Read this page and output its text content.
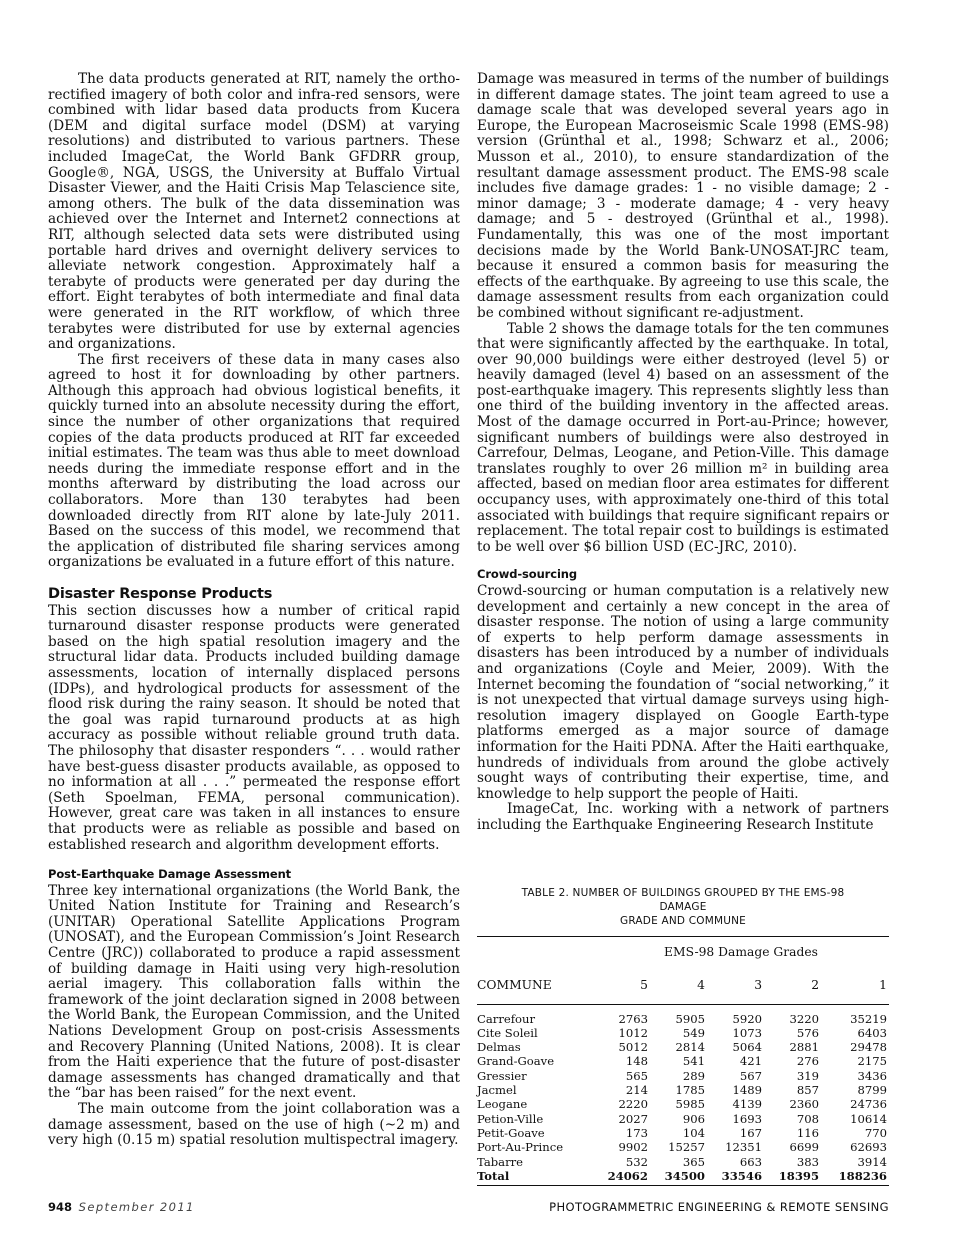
The data products generated at RIT, namely the ortho-rectified imagery of both color and infra-red sensors, were combined with lidar based data products from Kucera (DEM and digital surface model (DSM) at varying resolutions) and distributed to various partners. These included ImageCat, the World Bank GFDRR group, Google®, NGA, USGS, the University at Buffalo Virtual Disaster Viewer, and the Haiti Crisis Map Telascience site, among others. The bulk of the data dissemination was achieved over the Internet and Internet2 connections at RIT, although selected data sets were distributed using portable hard drives and overnight delivery services to alleviate network congestion. Approximately half a terabyte of products were generated per day during the effort. Eight terabytes of both intermediate and final data were generated in the RIT workflow, of which three terabytes were distributed for use by external agencies and organizations.

The first receivers of these data in many cases also agreed to host it for downloading by other partners. Although this approach had obvious logistical benefits, it quickly turned into an absolute necessity during the effort, since the number of other organizations that required copies of the data products produced at RIT far exceeded initial estimates. The team was thus able to meet download needs during the immediate response effort and in the months afterward by distributing the load across our collaborators. More than 130 terabytes had been downloaded directly from RIT alone by late-July 2011. Based on the success of this model, we recommend that the application of distributed file sharing services among organizations be evaluated in a future effort of this nature.

Disaster Response Products

This section discusses how a number of critical rapid turnaround disaster response products were generated based on the high spatial resolution imagery and the structural lidar data. Products included building damage assessments, location of internally displaced persons (IDPs), and hydrological products for assessment of the flood risk during the rainy season. It should be noted that the goal was rapid turnaround products at as high accuracy as possible without reliable ground truth data. The philosophy that disaster responders “. . . would rather have best-guess disaster products available, as opposed to no information at all . . .” permeated the response effort (Seth Spoelman, FEMA, personal communication). However, great care was taken in all instances to ensure that products were as reliable as possible and based on established research and algorithm development efforts.

Post-Earthquake Damage Assessment

Three key international organizations (the World Bank, the United Nation Institute for Training and Research’s (UNITAR) Operational Satellite Applications Program (UNOSAT), and the European Commission’s Joint Research Centre (JRC)) collaborated to produce a rapid assessment of building damage in Haiti using very high-resolution aerial imagery. This collaboration falls within the framework of the joint declaration signed in 2008 between the World Bank, the European Commission, and the United Nations Development Group on post-crisis Assessments and Recovery Planning (United Nations, 2008). It is clear from the Haiti experience that the future of post-disaster damage assessments has changed dramatically and that the “bar has been raised” for the next event.

The main outcome from the joint collaboration was a damage assessment, based on the use of high (~2 m) and very high (0.15 m) spatial resolution multispectral imagery.

Damage was measured in terms of the number of buildings in different damage states. The joint team agreed to use a damage scale that was developed several years ago in Europe, the European Macroseismic Scale 1998 (EMS-98) version (Grünthal et al., 1998; Schwarz et al., 2006; Musson et al., 2010), to ensure standardization of the resultant damage assessment product. The EMS-98 scale includes five damage grades: 1 - no visible damage; 2 - minor damage; 3 - moderate damage; 4 - very heavy damage; and 5 - destroyed (Grünthal et al., 1998). Fundamentally, this was one of the most important decisions made by the World Bank-UNOSAT-JRC team, because it ensured a common basis for measuring the effects of the earthquake. By agreeing to use this scale, the damage assessment results from each organization could be combined without significant re-adjustment.

Table 2 shows the damage totals for the ten communes that were significantly affected by the earthquake. In total, over 90,000 buildings were either destroyed (level 5) or heavily damaged (level 4) based on an assessment of the post-earthquake imagery. This represents slightly less than one third of the building inventory in the affected areas. Most of the damage occurred in Port-au-Prince; however, significant numbers of buildings were also destroyed in Carrefour, Delmas, Leogane, and Petion-Ville. This damage translates roughly to over 26 million m² in building area affected, based on median floor area estimates for different occupancy uses, with approximately one-third of this total associated with buildings that require significant repairs or replacement. The total repair cost to buildings is estimated to be well over $6 billion USD (EC-JRC, 2010).

Crowd-sourcing

Crowd-sourcing or human computation is a relatively new development and certainly a new concept in the area of disaster response. The notion of using a large community of experts to help perform damage assessments in disasters has been introduced by a number of individuals and organizations (Coyle and Meier, 2009). With the Internet becoming the foundation of “social networking,” it is not unexpected that virtual damage surveys using high-resolution imagery displayed on Google Earth-type platforms emerged as a major source of damage information for the Haiti PDNA. After the Haiti earthquake, hundreds of individuals from around the globe actively sought ways of contributing their expertise, time, and knowledge to help support the people of Haiti.

ImageCat, Inc. working with a network of partners including the Earthquake Engineering Research Institute

TABLE 2. NUMBER OF BUILDINGS GROUPED BY THE EMS-98 DAMAGE
GRADE AND COMMUNE
	EMS-98 Damage Grades				
COMMUNE	5	4	3	2	1
Carrefour	2763	5905	5920	3220	35219
Cite Soleil	1012	549	1073	576	6403
Delmas	5012	2814	5064	2881	29478
Grand-Goave	148	541	421	276	2175
Gressier	565	289	567	319	3436
Jacmel	214	1785	1489	857	8799
Leogane	2220	5985	4139	2360	24736
Petion-Ville	2027	906	1693	708	10614
Petit-Goave	173	104	167	116	770
Port-Au-Prince	9902	15257	12351	6699	62693
Tabarre	532	365	663	383	3914
Total	24062	34500	33546	18395	188236
948 September 2011	PHOTOGRAMMETRIC ENGINEERING & REMOTE SENSING
